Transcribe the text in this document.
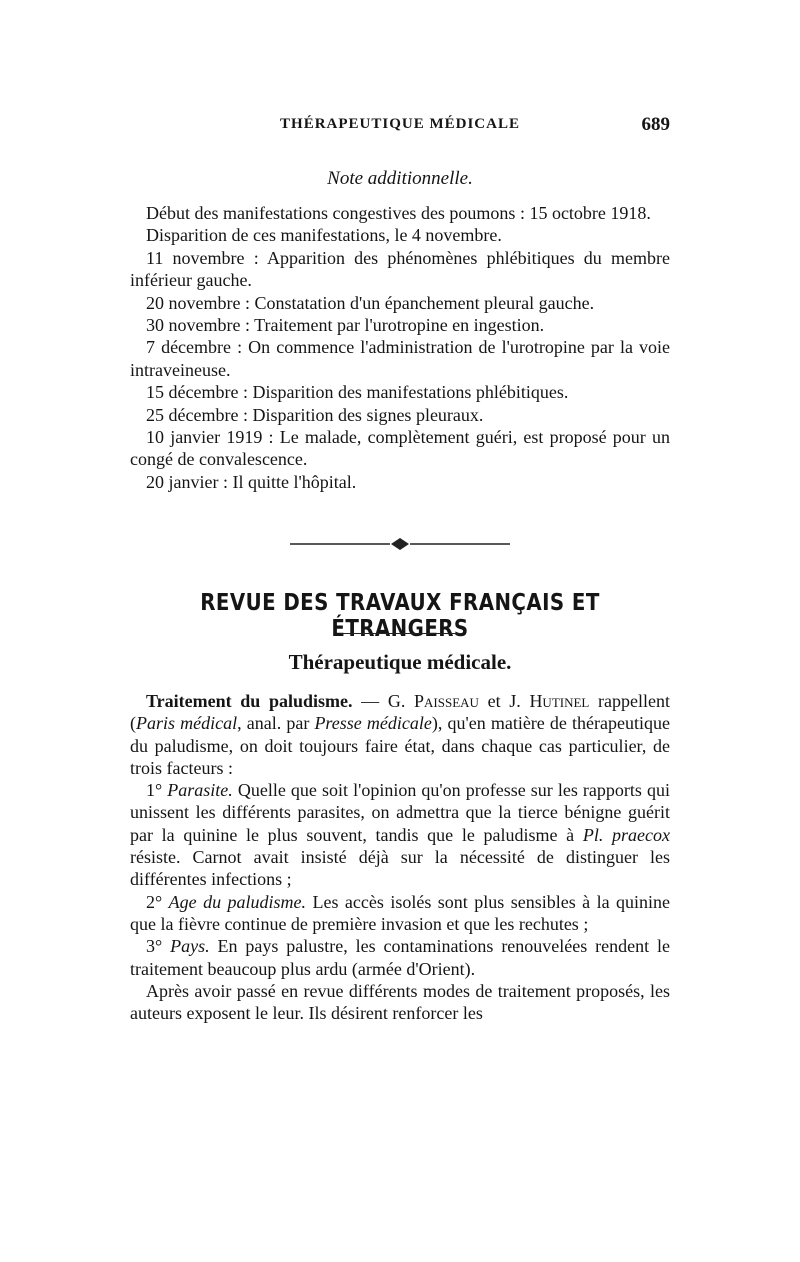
THÉRAPEUTIQUE MÉDICALE	689
Note additionnelle.

Début des manifestations congestives des poumons : 15 octobre 1918.

Disparition de ces manifestations, le 4 novembre.

11 novembre : Apparition des phénomènes phlébitiques du membre inférieur gauche.

20 novembre : Constatation d'un épanchement pleural gauche.

30 novembre : Traitement par l'urotropine en ingestion.

7 décembre : On commence l'administration de l'urotropine par la voie intraveineuse.

15 décembre : Disparition des manifestations phlébitiques.

25 décembre : Disparition des signes pleuraux.

10 janvier 1919 : Le malade, complètement guéri, est proposé pour un congé de convalescence.

20 janvier : Il quitte l'hôpital.

REVUE DES TRAVAUX FRANÇAIS ET ÉTRANGERS
Thérapeutique médicale.

Traitement du paludisme. — G. Paisseau et J. Hutinel rappellent (Paris médical, anal. par Presse médicale), qu'en matière de thérapeutique du paludisme, on doit toujours faire état, dans chaque cas particulier, de trois facteurs :

1° Parasite. Quelle que soit l'opinion qu'on professe sur les rapports qui unissent les différents parasites, on admettra que la tierce bénigne guérit par la quinine le plus souvent, tandis que le paludisme à Pl. praecox résiste. Carnot avait insisté déjà sur la nécessité de distinguer les différentes infections ;

2° Age du paludisme. Les accès isolés sont plus sensibles à la quinine que la fièvre continue de première invasion et que les rechutes ;

3° Pays. En pays palustre, les contaminations renouvelées rendent le traitement beaucoup plus ardu (armée d'Orient).

Après avoir passé en revue différents modes de traitement proposés, les auteurs exposent le leur. Ils désirent renforcer les
